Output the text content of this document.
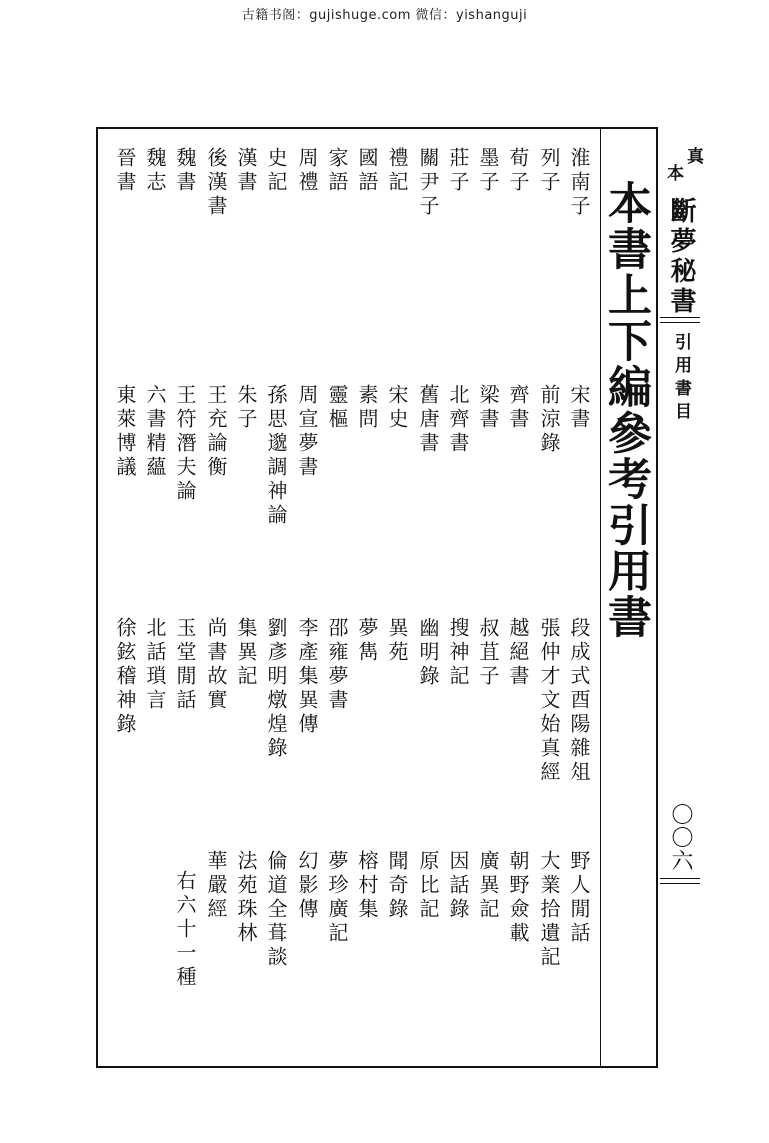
古籍书阁：gujishuge.com 微信：yishanguji
真
本
斷夢秘書
引用書目
〇〇六
本書上下編參考引用書
淮南子
宋書
段成式酉陽雜俎
野人閒話
列子
前涼錄
張仲才文始真經
大業拾遺記
荀子
齊書
越絕書
朝野僉載
墨子
梁書
叔苴子
廣異記
莊子
北齊書
搜神記
因話錄
關尹子
舊唐書
幽明錄
原比記
禮記
宋史
異苑
聞奇錄
國語
素問
夢雋
榕村集
家語
靈樞
邵雍夢書
夢珍廣記
周禮
周宣夢書
李產集異傳
幻影傳
史記
孫思邈調神論
劉彥明燉煌錄
倫道全葺談
漢書
朱子
集異記
法苑珠林
後漢書
王充論衡
尚書故實
華嚴經
魏書
王符潛夫論
玉堂閒話
右六十一種
魏志
六書精蘊
北話瑣言
晉書
東萊博議
徐鉉稽神錄
